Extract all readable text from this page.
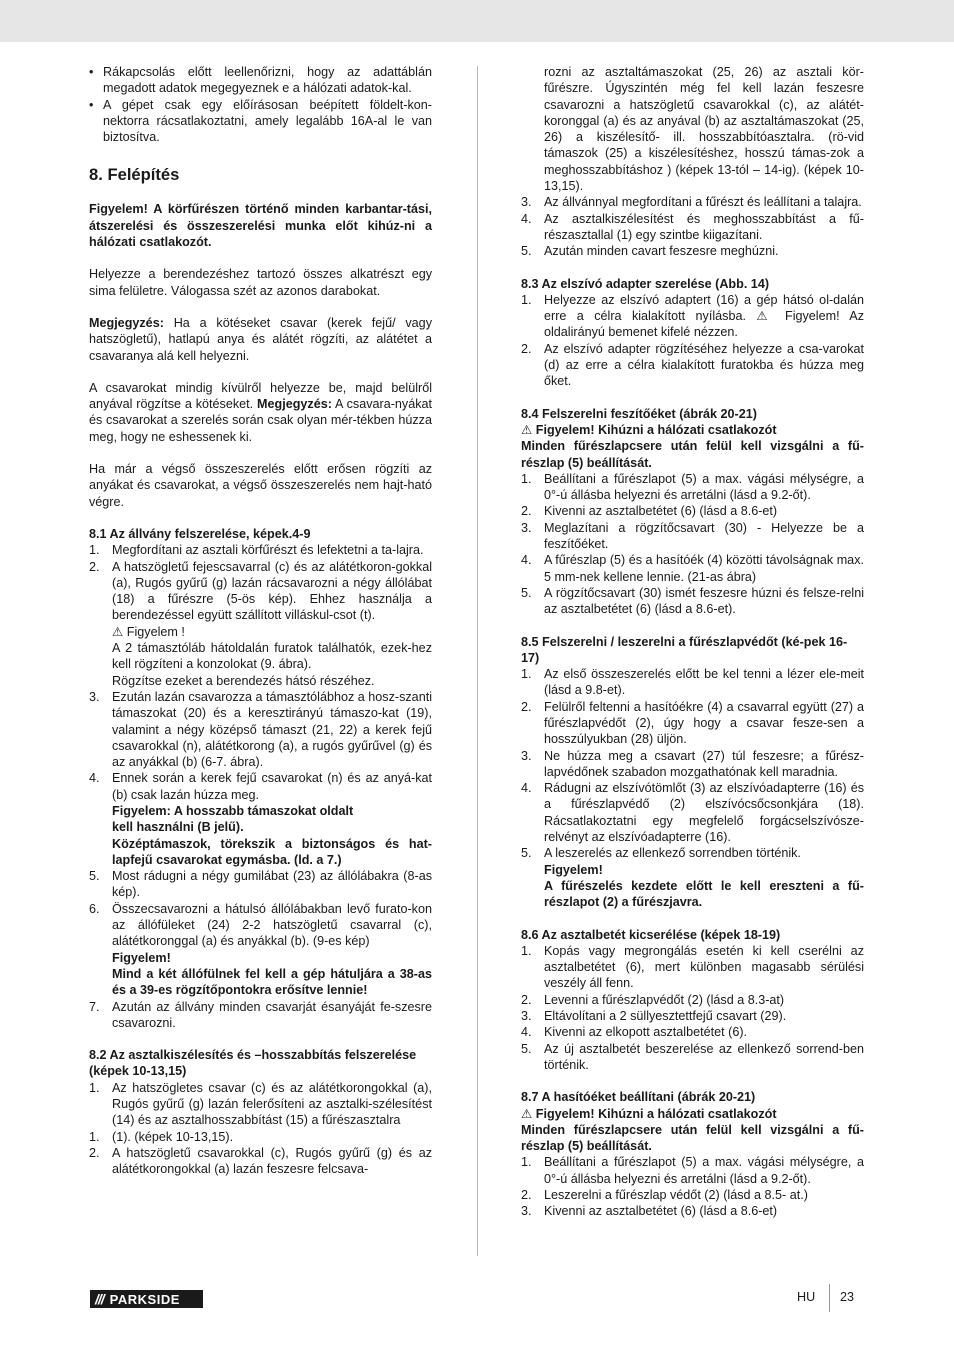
• Rákapcsolás előtt leellenőrizni, hogy az adattáblán megadott adatok megegyeznek e a hálózati adatok-kal.
• A gépet csak egy előírásosan beépített földelt-kon-nektorra rácsatlakoztatni, amely legalább 16A-al le van biztosítva.
8. Felépítés

Figyelem! A körfűrészen történő minden karbantar-tási, átszerelési és összeszerelési munka előt kihúz-ni a hálózati csatlakozót.

Helyezze a berendezéshez tartozó összes alkatrészt egy sima felületre. Válogassa szét az azonos darabokat.

Megjegyzés: Ha a kötéseket csavar (kerek fejű/ vagy hatszögletű), hatlapú anya és alátét rögzíti, az alátétet a csavaranya alá kell helyezni.

A csavarokat mindig kívülről helyezze be, majd belülről anyával rögzítse a kötéseket. Megjegyzés: A csavara-nyákat és csavarokat a szerelés során csak olyan mér-tékben húzza meg, hogy ne eshessenek ki.

Ha már a végső összeszerelés előtt erősen rögzíti az anyákat és csavarokat, a végső összeszerelés nem hajt-ható végre.

8.1 Az állvány felszerelése, képek.4-9
1. Megfordítani az asztali körfűrészt és lefektetni a ta-lajra.
2. A hatszögletű fejescsavarral (c) és az alátétkoron-gokkal (a), Rugós gyűrű (g) lazán rácsavarozni a négy állólábat (18) a fűrészre (5-ös kép). Ehhez használja a berendezéssel együtt szállított villáskul-csot (t).
⚠ Figyelem !
A 2 támasztóláb hátoldalán furatok találhatók, ezek-hez kell rögzíteni a konzolokat (9. ábra).
Rögzítse ezeket a berendezés hátsó részéhez.
3. Ezután lazán csavarozza a támasztólábhoz a hosz-szanti támaszokat (20) és a keresztirányú támaszo-kat (19), valamint a négy középső támaszt (21, 22) a kerek fejű csavarokkal (n), alátétkorong (a), a rugós gyűrűvel (g) és az anyákkal (b) (6-7. ábra).
4. Ennek során a kerek fejű csavarokat (n) és az anyá-kat (b) csak lazán húzza meg.
Figyelem: A hosszabb támaszokat oldalt
kell használni (B jelű).
Középtámaszok, törekszik a biztonságos és hat-lapfejű csavarokat egymásba. (ld. a 7.)
5. Most rádugni a négy gumilábat (23) az állólábakra (8-as kép).
6. Összecsavarozni a hátulsó állólábakban levő furato-kon az állófüleket (24) 2-2 hatszögletű csavarral (c), alátétkoronggal (a) és anyákkal (b). (9-es kép)
Figyelem!
Mind a két állófülnek fel kell a gép hátuljára a 38-as és a 39-es rögzítőpontokra erősítve lennie!
7. Azután az állvány minden csavarját ésanyáját fe-szesre csavarozni.
8.2 Az asztalkiszélesítés és –hosszabbítás felszerelése (képek 10-13,15)
1. Az hatszögletes csavar (c) és az alátétkorongokkal (a), Rugós gyűrű (g) lazán felerősíteni az asztalki-szélesítést (14) és az asztalhosszabbítást (15) a fűrészasztalra
1. (1). (képek 10-13,15).
2. A hatszögletű csavarokkal (c), Rugós gyűrű (g) és az alátétkorongokkal (a) lazán feszesre felcsava-

rozni az asztaltámaszokat (25, 26) az asztali kör-fűrészre. Úgyszintén még fel kell lazán feszesre csavarozni a hatszögletű csavarokkal (c), az alátét-koronggal (a) és az anyával (b) az asztaltámaszokat (25, 26) a kiszélesítő- ill. hosszabbítóasztalra. (rö-vid támaszok (25) a kiszélesítéshez, hosszú támas-zok a meghosszabbításhoz ) (képek 13-tól – 14-ig). (képek 10-13,15).

3. Az állvánnyal megfordítani a fűrészt és leállítani a talajra.
4. Az asztalkiszélesítést és meghosszabbítást a fű-részasztallal (1) egy szintbe kiigazítani.
5. Azután minden cavart feszesre meghúzni.
8.3 Az elszívó adapter szerelése (Abb. 14)
1. Helyezze az elszívó adaptert (16) a gép hátsó ol-dalán erre a célra kialakított nyílásba. ⚠ Figyelem! Az oldalirányú bemenet kifelé nézzen.
2. Az elszívó adapter rögzítéséhez helyezze a csa-varokat (d) az erre a célra kialakított furatokba és húzza meg őket.
8.4 Felszerelni feszítőéket (ábrák 20-21)

⚠ Figyelem! Kihúzni a hálózati csatlakozót

Minden fűrészlapcsere után felül kell vizsgálni a fű-részlap (5) beállítását.

1. Beállítani a fűrészlapot (5) a max. vágási mélységre, a 0°-ú állásba helyezni és arretálni (lásd a 9.2-őt).
2. Kivenni az asztalbetétet (6) (lásd a 8.6-et)
3. Meglazítani a rögzítőcsavart (30) - Helyezze be a feszítőéket.
4. A fűrészlap (5) és a hasítóék (4) közötti távolságnak max. 5 mm-nek kellene lennie. (21-as ábra)
5. A rögzítőcsavart (30) ismét feszesre húzni és felsze-relni az asztalbetétet (6) (lásd a 8.6-et).
8.5 Felszerelni / leszerelni a fűrészlapvédőt (ké-pek 16-17)
1. Az első összeszerelés előtt be kel tenni a lézer ele-meit (lásd a 9.8-et).
2. Felülről feltenni a hasítóékre (4) a csavarral együtt (27) a fűrészlapvédőt (2), úgy hogy a csavar fesze-sen a hosszúlyukban (28) üljön.
3. Ne húzza meg a csavart (27) túl feszesre; a fűrész-lapvédőnek szabadon mozgathatónak kell maradnia.
4. Rádugni az elszívótömlőt (3) az elszívóadapterre (16) és a fűrészlapvédő (2) elszívócsőcsonkjára (18). Rácsatlakoztatni egy megfelelő forgácselszívósze-relvényt az elszívóadapterre (16).
5. A leszerelés az ellenkező sorrendben történik.
Figyelem!
A fűrészelés kezdete előtt le kell ereszteni a fű-részlapot (2) a fűrészjavra.
8.6 Az asztalbetét kicserélése (képek 18-19)
1. Kopás vagy megrongálás esetén ki kell cserélni az asztalbetétet (6), mert különben magasabb sérülési veszély áll fenn.
2. Levenni a fűrészlapvédőt (2) (lásd a 8.3-at)
3. Eltávolítani a 2 süllyesztettfejű csavart (29).
4. Kivenni az elkopott asztalbetétet (6).
5. Az új asztalbetét beszerelése az ellenkező sorrend-ben történik.
8.7 A hasítóéket beállítani (ábrák 20-21)

⚠ Figyelem! Kihúzni a hálózati csatlakozót

Minden fűrészlapcsere után felül kell vizsgálni a fű-részlap (5) beállítását.

1. Beállítani a fűrészlapot (5) a max. vágási mélységre, a 0°-ú állásba helyezni és arretálni (lásd a 9.2-őt).
2. Leszerelni a fűrészlap védőt (2) (lásd a 8.5- at.)
3. Kivenni az asztalbetétet (6) (lásd a 8.6-et)
/// PARKSIDE	HU 23
